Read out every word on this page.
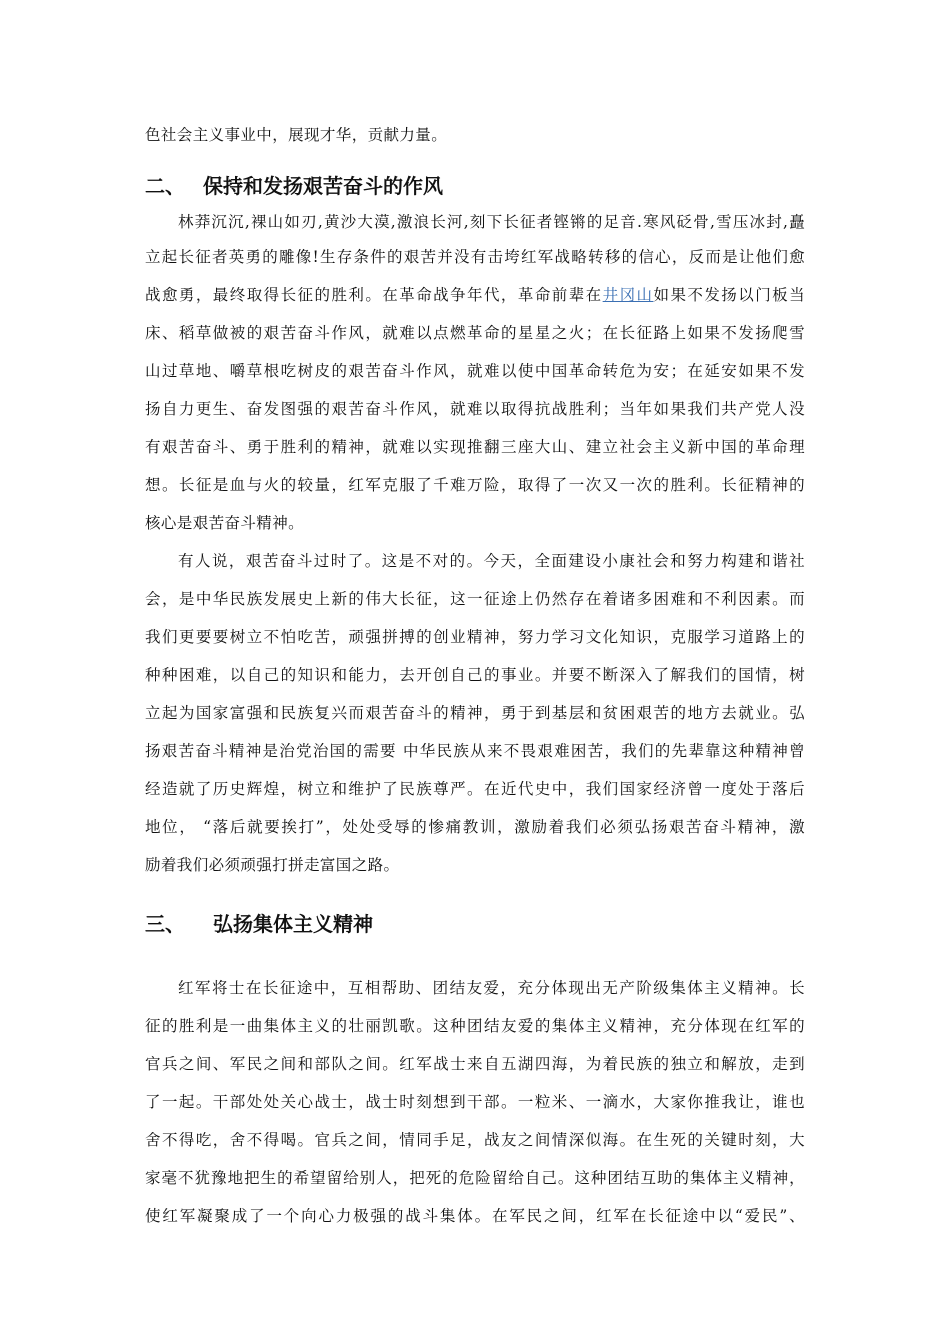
色社会主义事业中，展现才华，贡献力量。
二、 保持和发扬艰苦奋斗的作风
林莽沉沉,裸山如刃,黄沙大漠,激浪长河,刻下长征者铿锵的足音.寒风砭骨,雪压冰封,矗
立起长征者英勇的雕像!生存条件的艰苦并没有击垮红军战略转移的信心，反而是让他们愈
战愈勇，最终取得长征的胜利。在革命战争年代，革命前辈在井冈山如果不发扬以门板当
床、稻草做被的艰苦奋斗作风，就难以点燃革命的星星之火；在长征路上如果不发扬爬雪
山过草地、嚼草根吃树皮的艰苦奋斗作风，就难以使中国革命转危为安；在延安如果不发
扬自力更生、奋发图强的艰苦奋斗作风，就难以取得抗战胜利；当年如果我们共产党人没
有艰苦奋斗、勇于胜利的精神，就难以实现推翻三座大山、建立社会主义新中国的革命理
想。长征是血与火的较量，红军克服了千难万险，取得了一次又一次的胜利。长征精神的
核心是艰苦奋斗精神。
有人说，艰苦奋斗过时了。这是不对的。今天，全面建设小康社会和努力构建和谐社
会，是中华民族发展史上新的伟大长征，这一征途上仍然存在着诸多困难和不利因素。而
我们更要要树立不怕吃苦，顽强拼搏的创业精神，努力学习文化知识，克服学习道路上的
种种困难，以自己的知识和能力，去开创自己的事业。并要不断深入了解我们的国情，树
立起为国家富强和民族复兴而艰苦奋斗的精神，勇于到基层和贫困艰苦的地方去就业。弘
扬艰苦奋斗精神是治党治国的需要 中华民族从来不畏艰难困苦，我们的先辈靠这种精神曾
经造就了历史辉煌，树立和维护了民族尊严。在近代史中，我们国家经济曾一度处于落后
地位， “落后就要挨打”，处处受辱的惨痛教训，激励着我们必须弘扬艰苦奋斗精神，激
励着我们必须顽强打拼走富国之路。
三、 弘扬集体主义精神
红军将士在长征途中，互相帮助、团结友爱，充分体现出无产阶级集体主义精神。长
征的胜利是一曲集体主义的壮丽凯歌。这种团结友爱的集体主义精神，充分体现在红军的
官兵之间、军民之间和部队之间。红军战士来自五湖四海，为着民族的独立和解放，走到
了一起。干部处处关心战士，战士时刻想到干部。一粒米、一滴水，大家你推我让，谁也
舍不得吃，舍不得喝。官兵之间，情同手足，战友之间情深似海。在生死的关键时刻，大
家毫不犹豫地把生的希望留给别人，把死的危险留给自己。这种团结互助的集体主义精神，
使红军凝聚成了一个向心力极强的战斗集体。在军民之间，红军在长征途中以“爱民”、
